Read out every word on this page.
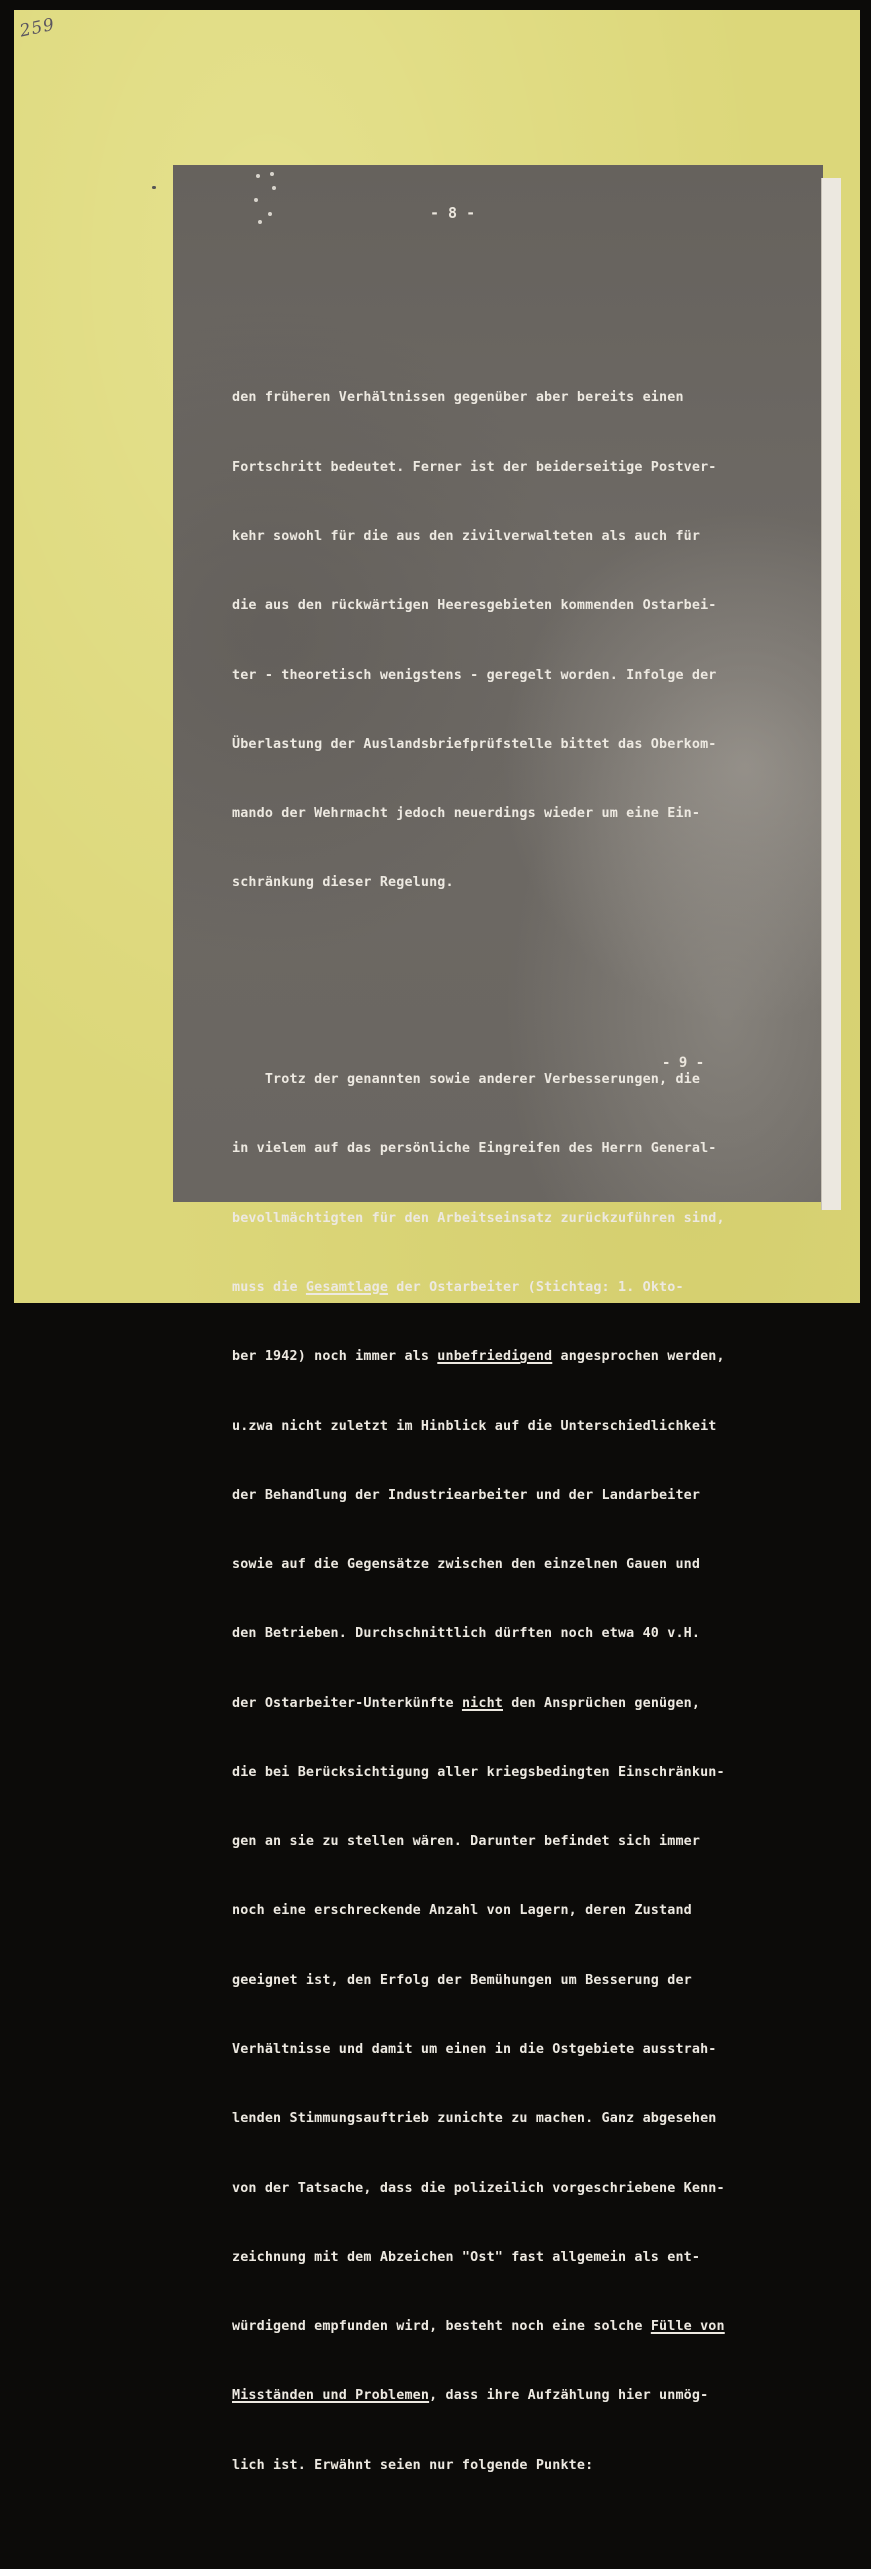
259
- 8 -

den früheren Verhältnissen gegenüber aber bereits einen

Fortschritt bedeutet. Ferner ist der beiderseitige Postver-

kehr sowohl für die aus den zivilverwalteten als auch für

die aus den rückwärtigen Heeresgebieten kommenden Ostarbei-

ter - theoretisch wenigstens - geregelt worden. Infolge der

Überlastung der Auslandsbriefprüfstelle bittet das Oberkom-

mando der Wehrmacht jedoch neuerdings wieder um eine Ein-

schränkung dieser Regelung.

Trotz der genannten sowie anderer Verbesserungen, die

in vielem auf das persönliche Eingreifen des Herrn General-

bevollmächtigten für den Arbeitseinsatz zurückzuführen sind,

muss die Gesamtlage der Ostarbeiter (Stichtag: 1. Okto-

ber 1942) noch immer als unbefriedigend angesprochen werden,

u.zwa nicht zuletzt im Hinblick auf die Unterschiedlichkeit

der Behandlung der Industriearbeiter und der Landarbeiter

sowie auf die Gegensätze zwischen den einzelnen Gauen und

den Betrieben. Durchschnittlich dürften noch etwa 40 v.H.

der Ostarbeiter-Unterkünfte nicht den Ansprüchen genügen,

die bei Berücksichtigung aller kriegsbedingten Einschränkun-

gen an sie zu stellen wären. Darunter befindet sich immer

noch eine erschreckende Anzahl von Lagern, deren Zustand

geeignet ist, den Erfolg der Bemühungen um Besserung der

Verhältnisse und damit um einen in die Ostgebiete ausstrah-

lenden Stimmungsauftrieb zunichte zu machen. Ganz abgesehen

von der Tatsache, dass die polizeilich vorgeschriebene Kenn-

zeichnung mit dem Abzeichen "Ost" fast allgemein als ent-

würdigend empfunden wird, besteht noch eine solche Fülle von

Misständen und Problemen, dass ihre Aufzählung hier unmög-

lich ist. Erwähnt seien nur folgende Punkte:

- 9 -
